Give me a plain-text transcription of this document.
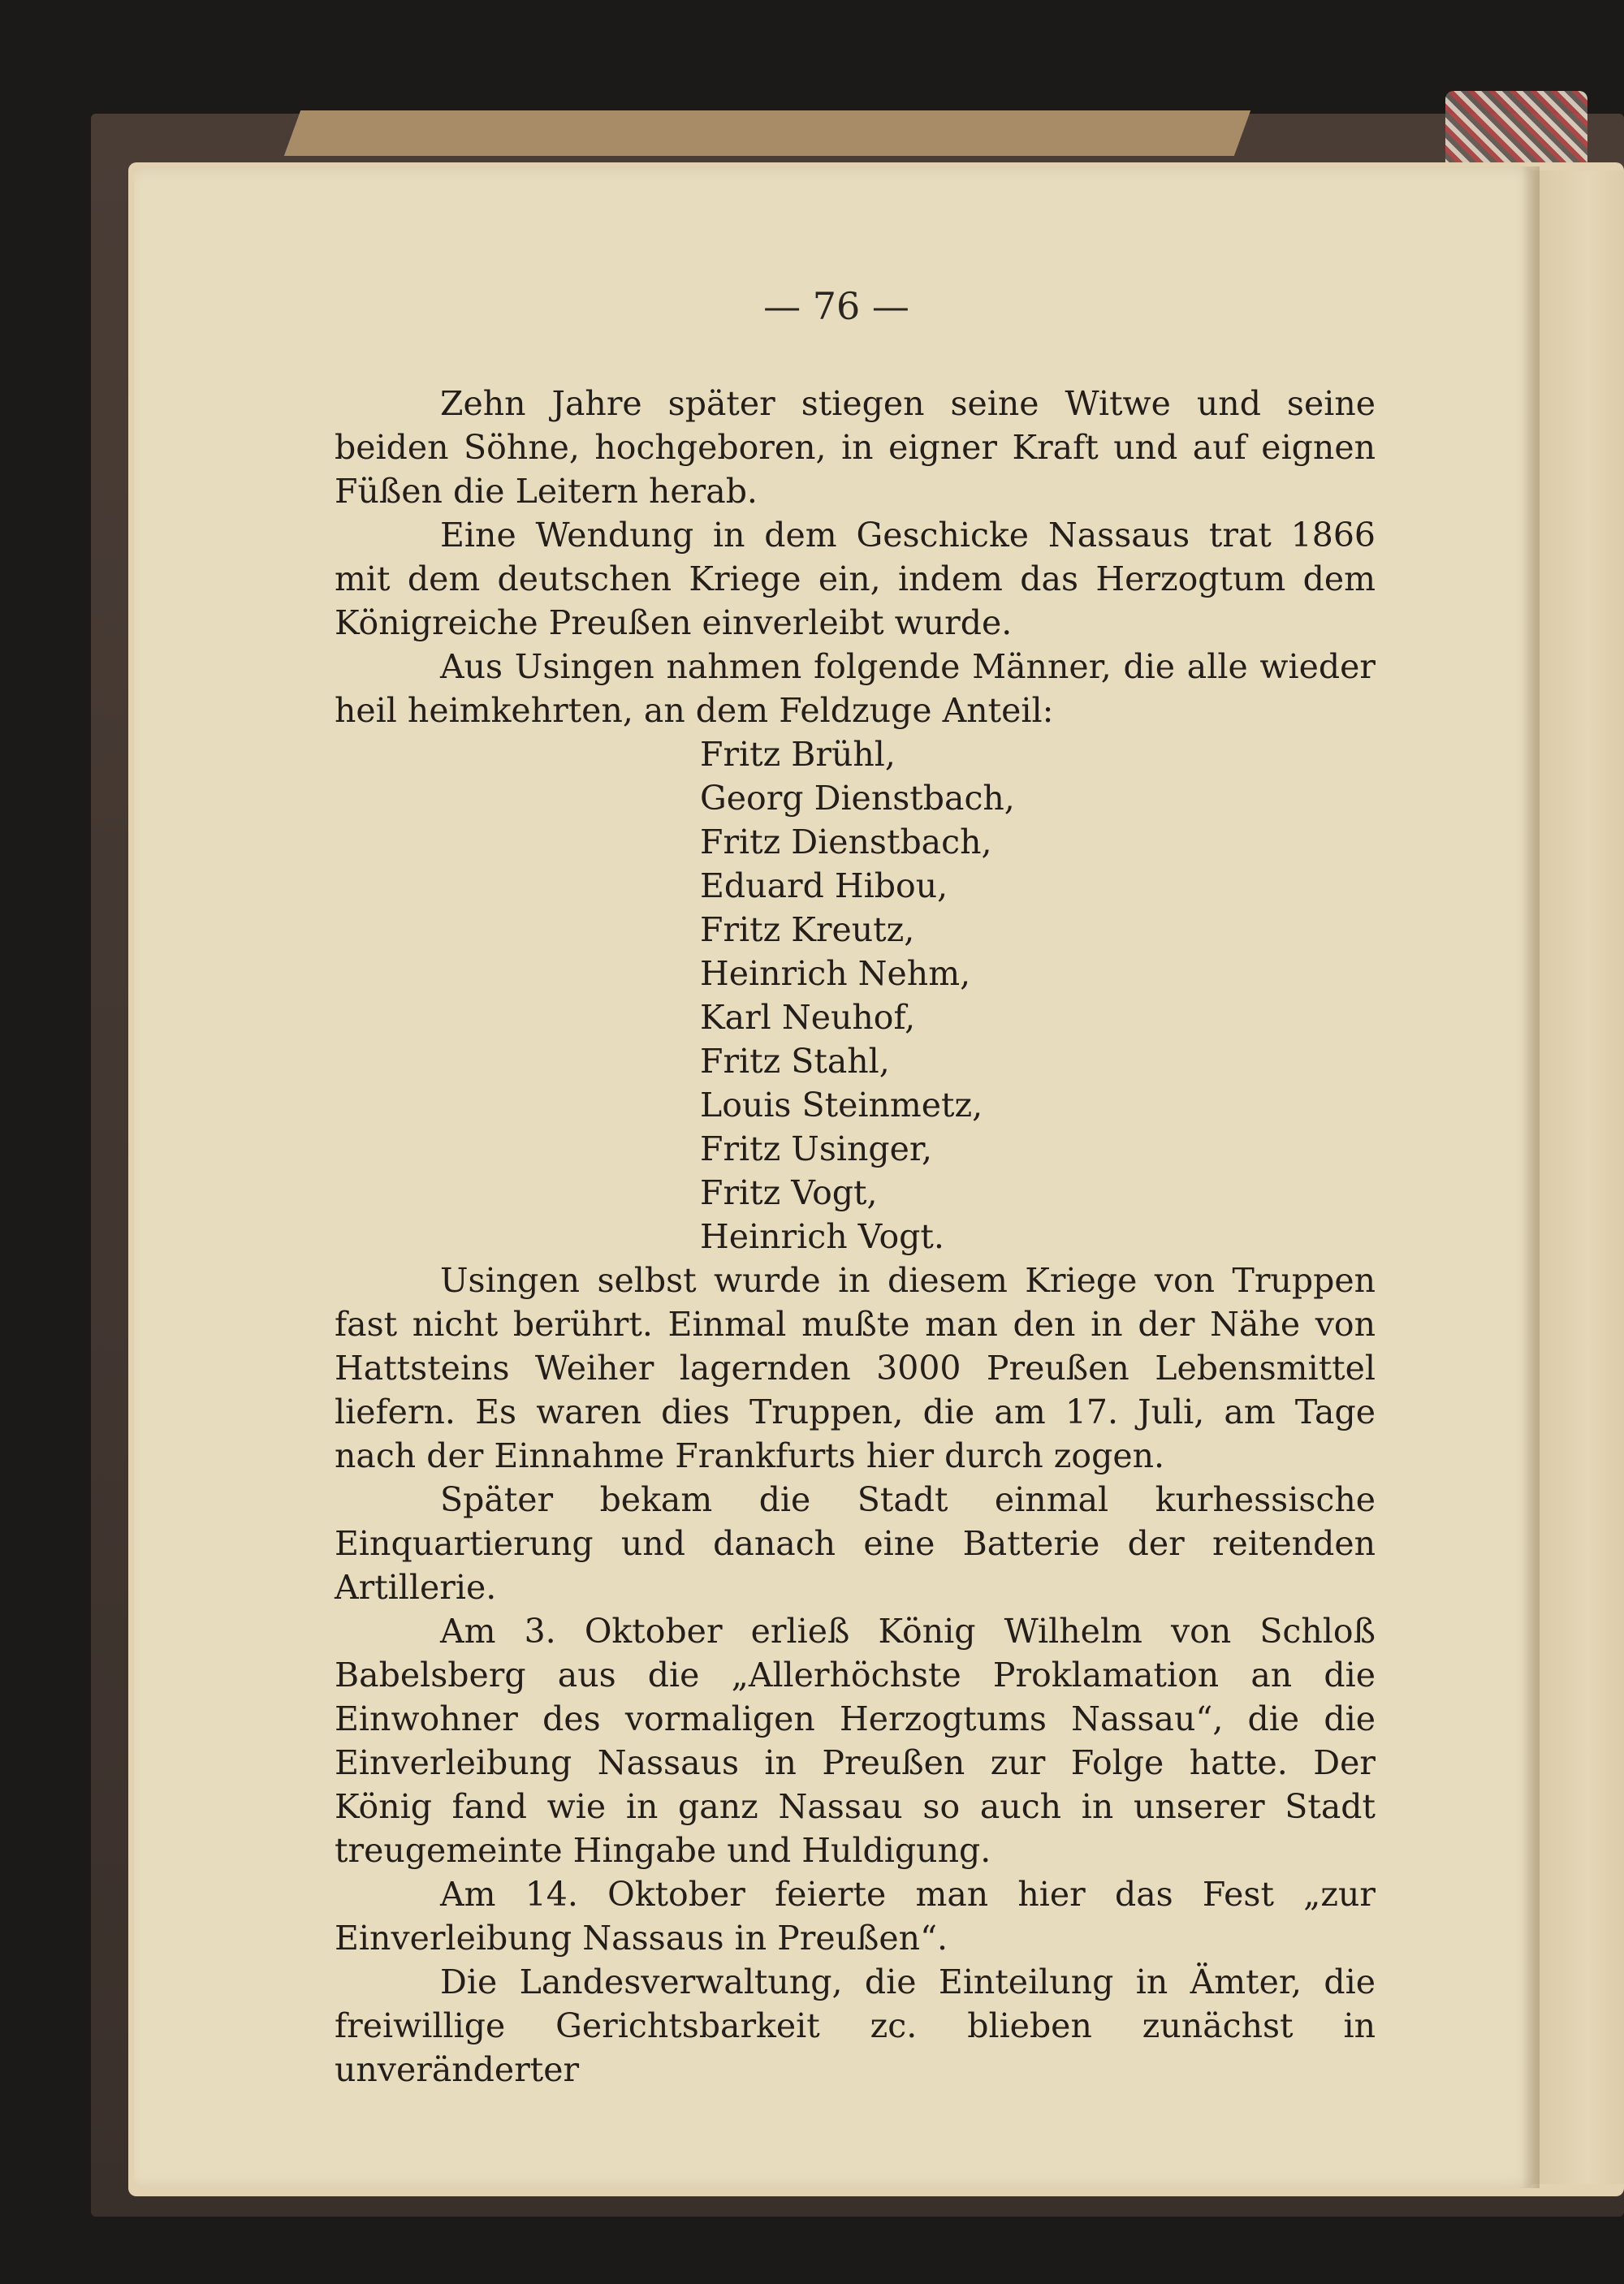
— 76 —

Zehn Jahre später stiegen seine Witwe und seine beiden Söhne, hochgeboren, in eigner Kraft und auf eignen Füßen die Leitern herab.

Eine Wendung in dem Geschicke Nassaus trat 1866 mit dem deutschen Kriege ein, indem das Herzogtum dem Königreiche Preußen einverleibt wurde.

Aus Usingen nahmen folgende Männer, die alle wieder heil heimkehrten, an dem Feldzuge Anteil:

Fritz Brühl,
Georg Dienstbach,
Fritz Dienstbach,
Eduard Hibou,
Fritz Kreutz,
Heinrich Nehm,
Karl Neuhof,
Fritz Stahl,
Louis Steinmetz,
Fritz Usinger,
Fritz Vogt,
Heinrich Vogt.

Usingen selbst wurde in diesem Kriege von Truppen fast nicht berührt. Einmal mußte man den in der Nähe von Hattsteins Weiher lagernden 3000 Preußen Lebensmittel liefern. Es waren dies Truppen, die am 17. Juli, am Tage nach der Einnahme Frankfurts hier durch zogen.

Später bekam die Stadt einmal kurhessische Einquartierung und danach eine Batterie der reitenden Artillerie.

Am 3. Oktober erließ König Wilhelm von Schloß Babelsberg aus die „Allerhöchste Proklamation an die Einwohner des vormaligen Herzogtums Nassau“, die die Einverleibung Nassaus in Preußen zur Folge hatte. Der König fand wie in ganz Nassau so auch in unserer Stadt treugemeinte Hingabe und Huldigung.

Am 14. Oktober feierte man hier das Fest „zur Einverleibung Nassaus in Preußen“.

Die Landesverwaltung, die Einteilung in Ämter, die freiwillige Gerichtsbarkeit zc. blieben zunächst in unveränderter
